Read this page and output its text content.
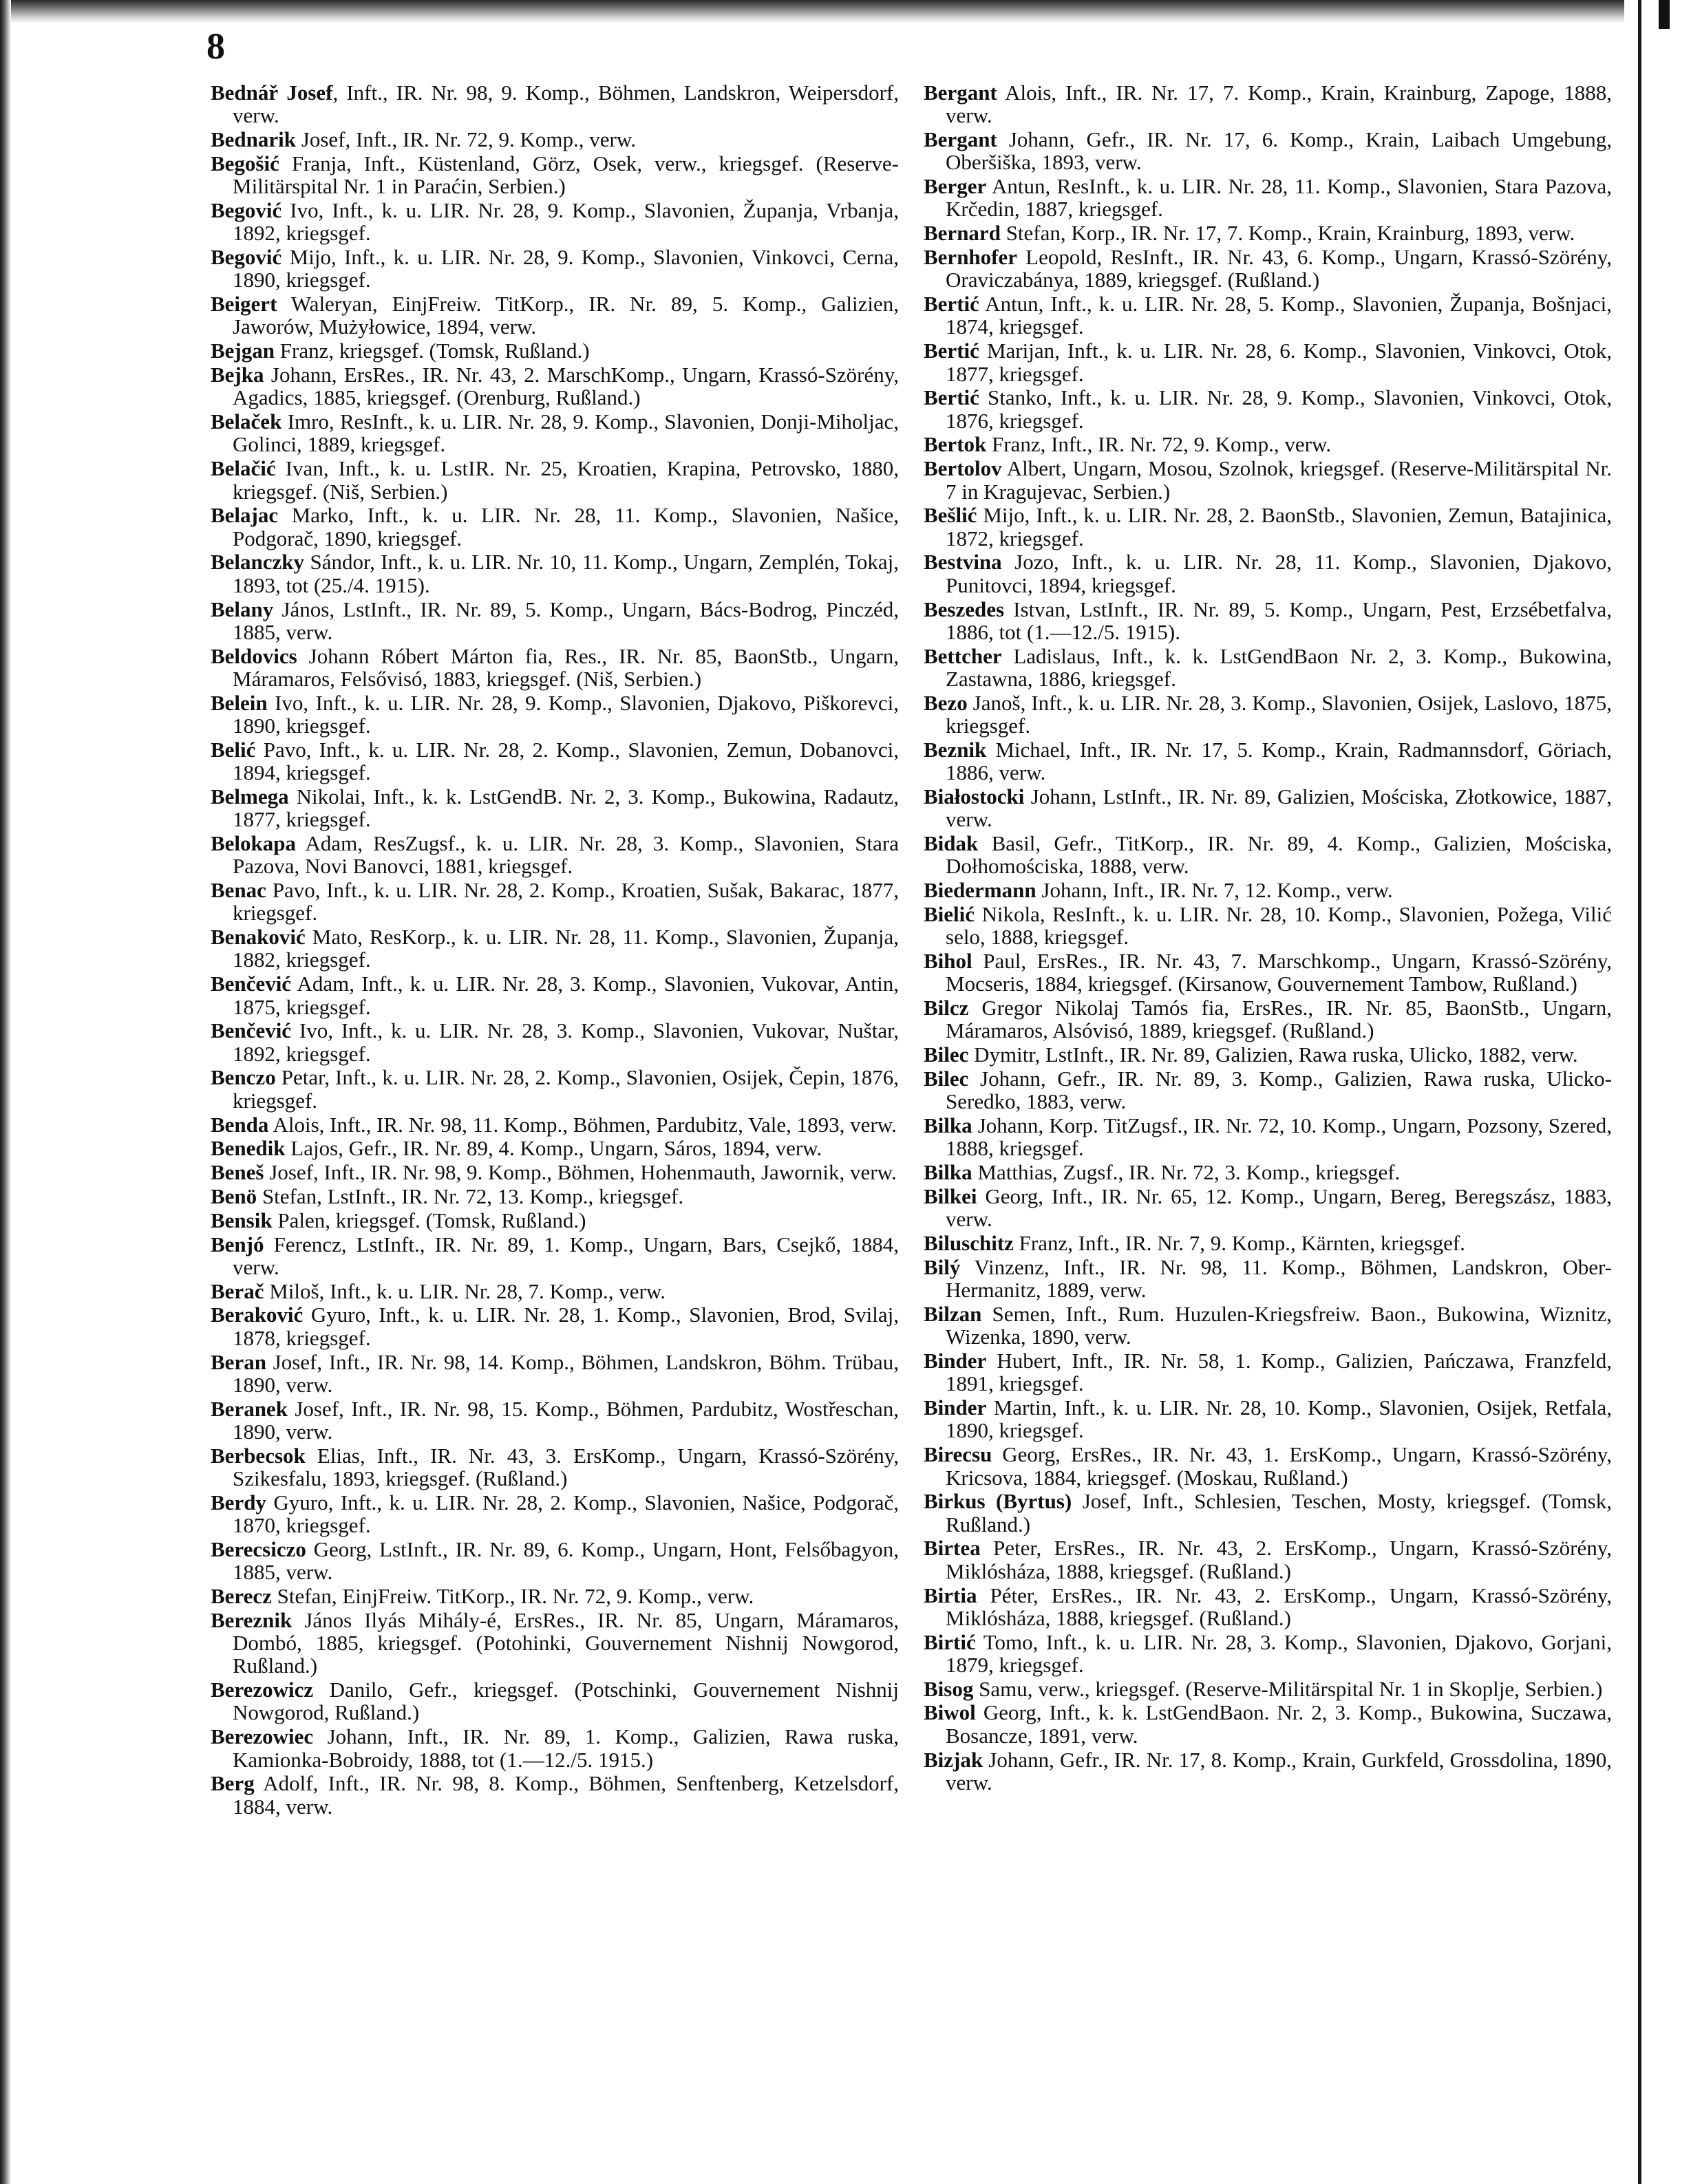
8

Bednář Josef, Inft., IR. Nr. 98, 9. Komp., Böhmen, Landskron, Weipersdorf, verw.

Bednarik Josef, Inft., IR. Nr. 72, 9. Komp., verw.

Begošić Franja, Inft., Küstenland, Görz, Osek, verw., kriegsgef. (Reserve-Militärspital Nr. 1 in Paraćin, Serbien.)

Begović Ivo, Inft., k. u. LIR. Nr. 28, 9. Komp., Slavonien, Županja, Vrbanja, 1892, kriegsgef.

Begović Mijo, Inft., k. u. LIR. Nr. 28, 9. Komp., Slavonien, Vinkovci, Cerna, 1890, kriegsgef.

Beigert Waleryan, EinjFreiw. TitKorp., IR. Nr. 89, 5. Komp., Galizien, Jaworów, Mużyłowice, 1894, verw.

Bejgan Franz, kriegsgef. (Tomsk, Rußland.)

Bejka Johann, ErsRes., IR. Nr. 43, 2. MarschKomp., Ungarn, Krassó-Szörény, Agadics, 1885, kriegsgef. (Orenburg, Rußland.)

Belaček Imro, ResInft., k. u. LIR. Nr. 28, 9. Komp., Slavonien, Donji-Miholjac, Golinci, 1889, kriegsgef.

Belačić Ivan, Inft., k. u. LstIR. Nr. 25, Kroatien, Krapina, Petrovsko, 1880, kriegsgef. (Niš, Serbien.)

Belajac Marko, Inft., k. u. LIR. Nr. 28, 11. Komp., Slavonien, Našice, Podgorač, 1890, kriegsgef.

Belanczky Sándor, Inft., k. u. LIR. Nr. 10, 11. Komp., Ungarn, Zemplén, Tokaj, 1893, tot (25./4. 1915).

Belany János, LstInft., IR. Nr. 89, 5. Komp., Ungarn, Bács-Bodrog, Pinczéd, 1885, verw.

Beldovics Johann Róbert Márton fia, Res., IR. Nr. 85, BaonStb., Ungarn, Máramaros, Felsővisó, 1883, kriegsgef. (Niš, Serbien.)

Belein Ivo, Inft., k. u. LIR. Nr. 28, 9. Komp., Slavonien, Djakovo, Piškorevci, 1890, kriegsgef.

Belić Pavo, Inft., k. u. LIR. Nr. 28, 2. Komp., Slavonien, Zemun, Dobanovci, 1894, kriegsgef.

Belmega Nikolai, Inft., k. k. LstGendB. Nr. 2, 3. Komp., Bukowina, Radautz, 1877, kriegsgef.

Belokapa Adam, ResZugsf., k. u. LIR. Nr. 28, 3. Komp., Slavonien, Stara Pazova, Novi Banovci, 1881, kriegsgef.

Benac Pavo, Inft., k. u. LIR. Nr. 28, 2. Komp., Kroatien, Sušak, Bakarac, 1877, kriegsgef.

Benaković Mato, ResKorp., k. u. LIR. Nr. 28, 11. Komp., Slavonien, Županja, 1882, kriegsgef.

Benčević Adam, Inft., k. u. LIR. Nr. 28, 3. Komp., Slavonien, Vukovar, Antin, 1875, kriegsgef.

Benčević Ivo, Inft., k. u. LIR. Nr. 28, 3. Komp., Slavonien, Vukovar, Nuštar, 1892, kriegsgef.

Benczo Petar, Inft., k. u. LIR. Nr. 28, 2. Komp., Slavonien, Osijek, Čepin, 1876, kriegsgef.

Benda Alois, Inft., IR. Nr. 98, 11. Komp., Böhmen, Pardubitz, Vale, 1893, verw.

Benedik Lajos, Gefr., IR. Nr. 89, 4. Komp., Ungarn, Sáros, 1894, verw.

Beneš Josef, Inft., IR. Nr. 98, 9. Komp., Böhmen, Hohenmauth, Jawornik, verw.

Benö Stefan, LstInft., IR. Nr. 72, 13. Komp., kriegsgef.

Bensik Palen, kriegsgef. (Tomsk, Rußland.)

Benjó Ferencz, LstInft., IR. Nr. 89, 1. Komp., Ungarn, Bars, Csejkő, 1884, verw.

Berač Miloš, Inft., k. u. LIR. Nr. 28, 7. Komp., verw.

Beraković Gyuro, Inft., k. u. LIR. Nr. 28, 1. Komp., Slavonien, Brod, Svilaj, 1878, kriegsgef.

Beran Josef, Inft., IR. Nr. 98, 14. Komp., Böhmen, Landskron, Böhm. Trübau, 1890, verw.

Beranek Josef, Inft., IR. Nr. 98, 15. Komp., Böhmen, Pardubitz, Wostřeschan, 1890, verw.

Berbecsok Elias, Inft., IR. Nr. 43, 3. ErsKomp., Ungarn, Krassó-Szörény, Szikesfalu, 1893, kriegsgef. (Rußland.)

Berdy Gyuro, Inft., k. u. LIR. Nr. 28, 2. Komp., Slavonien, Našice, Podgorač, 1870, kriegsgef.

Berecsiczo Georg, LstInft., IR. Nr. 89, 6. Komp., Ungarn, Hont, Felsőbagyon, 1885, verw.

Berecz Stefan, EinjFreiw. TitKorp., IR. Nr. 72, 9. Komp., verw.

Bereznik János Ilyás Mihály-é, ErsRes., IR. Nr. 85, Ungarn, Máramaros, Dombó, 1885, kriegsgef. (Potohinki, Gouvernement Nishnij Nowgorod, Rußland.)

Berezowicz Danilo, Gefr., kriegsgef. (Potschinki, Gouvernement Nishnij Nowgorod, Rußland.)

Berezowiec Johann, Inft., IR. Nr. 89, 1. Komp., Galizien, Rawa ruska, Kamionka-Bobroidy, 1888, tot (1.—12./5. 1915.)

Berg Adolf, Inft., IR. Nr. 98, 8. Komp., Böhmen, Senftenberg, Ketzelsdorf, 1884, verw.

Bergant Alois, Inft., IR. Nr. 17, 7. Komp., Krain, Krainburg, Zapoge, 1888, verw.

Bergant Johann, Gefr., IR. Nr. 17, 6. Komp., Krain, Laibach Umgebung, Oberšiška, 1893, verw.

Berger Antun, ResInft., k. u. LIR. Nr. 28, 11. Komp., Slavonien, Stara Pazova, Krčedin, 1887, kriegsgef.

Bernard Stefan, Korp., IR. Nr. 17, 7. Komp., Krain, Krainburg, 1893, verw.

Bernhofer Leopold, ResInft., IR. Nr. 43, 6. Komp., Ungarn, Krassó-Szörény, Oraviczabánya, 1889, kriegsgef. (Rußland.)

Bertić Antun, Inft., k. u. LIR. Nr. 28, 5. Komp., Slavonien, Županja, Bošnjaci, 1874, kriegsgef.

Bertić Marijan, Inft., k. u. LIR. Nr. 28, 6. Komp., Slavonien, Vinkovci, Otok, 1877, kriegsgef.

Bertić Stanko, Inft., k. u. LIR. Nr. 28, 9. Komp., Slavonien, Vinkovci, Otok, 1876, kriegsgef.

Bertok Franz, Inft., IR. Nr. 72, 9. Komp., verw.

Bertolov Albert, Ungarn, Mosou, Szolnok, kriegsgef. (Reserve-Militärspital Nr. 7 in Kragujevac, Serbien.)

Bešlić Mijo, Inft., k. u. LIR. Nr. 28, 2. BaonStb., Slavonien, Zemun, Batajinica, 1872, kriegsgef.

Bestvina Jozo, Inft., k. u. LIR. Nr. 28, 11. Komp., Slavonien, Djakovo, Punitovci, 1894, kriegsgef.

Beszedes Istvan, LstInft., IR. Nr. 89, 5. Komp., Ungarn, Pest, Erzsébetfalva, 1886, tot (1.—12./5. 1915).

Bettcher Ladislaus, Inft., k. k. LstGendBaon Nr. 2, 3. Komp., Bukowina, Zastawna, 1886, kriegsgef.

Bezo Janoš, Inft., k. u. LIR. Nr. 28, 3. Komp., Slavonien, Osijek, Laslovo, 1875, kriegsgef.

Beznik Michael, Inft., IR. Nr. 17, 5. Komp., Krain, Radmannsdorf, Göriach, 1886, verw.

Białostocki Johann, LstInft., IR. Nr. 89, Galizien, Mościska, Złotkowice, 1887, verw.

Bidak Basil, Gefr., TitKorp., IR. Nr. 89, 4. Komp., Galizien, Mościska, Dołhomościska, 1888, verw.

Biedermann Johann, Inft., IR. Nr. 7, 12. Komp., verw.

Bielić Nikola, ResInft., k. u. LIR. Nr. 28, 10. Komp., Slavonien, Požega, Vilić selo, 1888, kriegsgef.

Bihol Paul, ErsRes., IR. Nr. 43, 7. Marschkomp., Ungarn, Krassó-Szörény, Mocseris, 1884, kriegsgef. (Kirsanow, Gouvernement Tambow, Rußland.)

Bilcz Gregor Nikolaj Tamós fia, ErsRes., IR. Nr. 85, BaonStb., Ungarn, Máramaros, Alsóvisó, 1889, kriegsgef. (Rußland.)

Bilec Dymitr, LstInft., IR. Nr. 89, Galizien, Rawa ruska, Ulicko, 1882, verw.

Bilec Johann, Gefr., IR. Nr. 89, 3. Komp., Galizien, Rawa ruska, Ulicko-Seredko, 1883, verw.

Bilka Johann, Korp. TitZugsf., IR. Nr. 72, 10. Komp., Ungarn, Pozsony, Szered, 1888, kriegsgef.

Bilka Matthias, Zugsf., IR. Nr. 72, 3. Komp., kriegsgef.

Bilkei Georg, Inft., IR. Nr. 65, 12. Komp., Ungarn, Bereg, Beregszász, 1883, verw.

Biluschitz Franz, Inft., IR. Nr. 7, 9. Komp., Kärnten, kriegsgef.

Bilý Vinzenz, Inft., IR. Nr. 98, 11. Komp., Böhmen, Landskron, Ober-Hermanitz, 1889, verw.

Bilzan Semen, Inft., Rum. Huzulen-Kriegsfreiw. Baon., Bukowina, Wiznitz, Wizenka, 1890, verw.

Binder Hubert, Inft., IR. Nr. 58, 1. Komp., Galizien, Pańczawa, Franzfeld, 1891, kriegsgef.

Binder Martin, Inft., k. u. LIR. Nr. 28, 10. Komp., Slavonien, Osijek, Retfala, 1890, kriegsgef.

Birecsu Georg, ErsRes., IR. Nr. 43, 1. ErsKomp., Ungarn, Krassó-Szörény, Kricsova, 1884, kriegsgef. (Moskau, Rußland.)

Birkus (Byrtus) Josef, Inft., Schlesien, Teschen, Mosty, kriegsgef. (Tomsk, Rußland.)

Birtea Peter, ErsRes., IR. Nr. 43, 2. ErsKomp., Ungarn, Krassó-Szörény, Miklósháza, 1888, kriegsgef. (Rußland.)

Birtia Péter, ErsRes., IR. Nr. 43, 2. ErsKomp., Ungarn, Krassó-Szörény, Miklósháza, 1888, kriegsgef. (Rußland.)

Birtić Tomo, Inft., k. u. LIR. Nr. 28, 3. Komp., Slavonien, Djakovo, Gorjani, 1879, kriegsgef.

Bisog Samu, verw., kriegsgef. (Reserve-Militärspital Nr. 1 in Skoplje, Serbien.)

Biwol Georg, Inft., k. k. LstGendBaon. Nr. 2, 3. Komp., Bukowina, Suczawa, Bosancze, 1891, verw.

Bizjak Johann, Gefr., IR. Nr. 17, 8. Komp., Krain, Gurkfeld, Grossdolina, 1890, verw.
